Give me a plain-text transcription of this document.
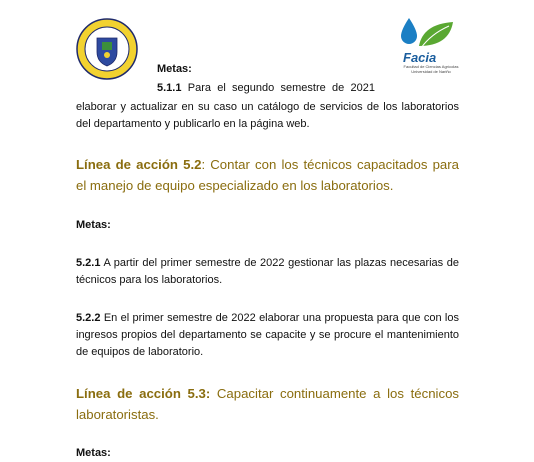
Facia
Facultad de Ciencias Agrícolas Universidad de Nariño

Metas:

5.1.1 Para el segundo semestre de 2021

elaborar y actualizar en su caso un catálogo de servicios de los laboratorios del departamento y publicarlo en la página web.

Línea de acción 5.2: Contar con los técnicos capacitados para el manejo de equipo especializado en los laboratorios.

Metas:

5.2.1 A partir del primer semestre de 2022 gestionar las plazas necesarias de técnicos para los laboratorios.

5.2.2 En el primer semestre de 2022 elaborar una propuesta para que con los ingresos propios del departamento se capacite y se procure el mantenimiento de equipos de laboratorio.

Línea de acción 5.3: Capacitar continuamente a los técnicos laboratoristas.

Metas:
